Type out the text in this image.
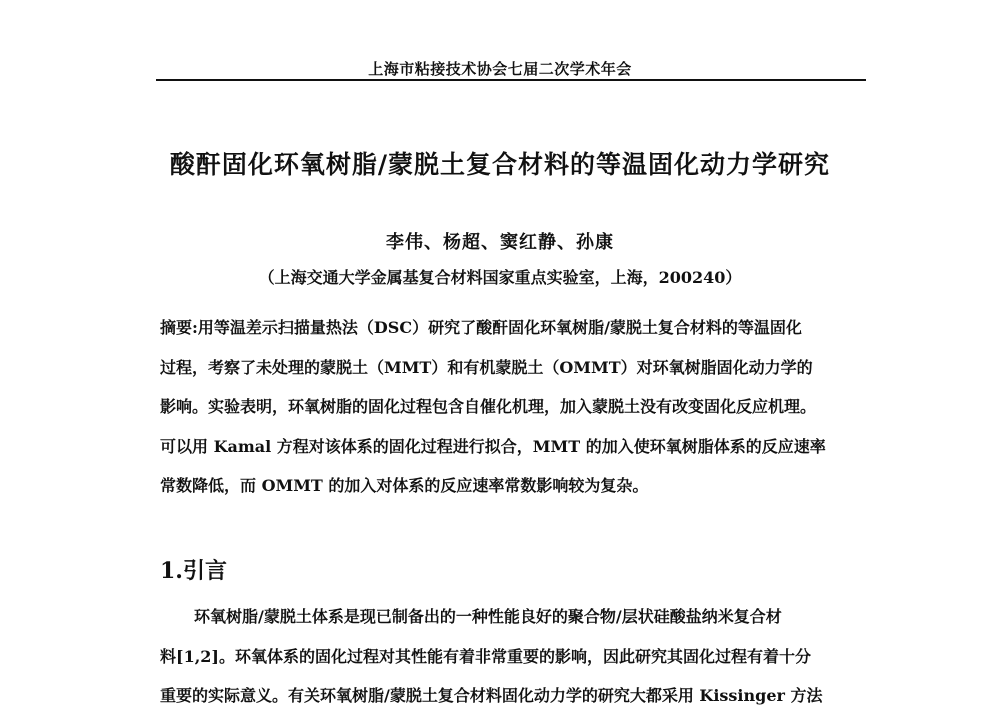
上海市粘接技术协会七届二次学术年会
酸酐固化环氧树脂/蒙脱土复合材料的等温固化动力学研究
李伟、杨超、窦红静、孙康
（上海交通大学金属基复合材料国家重点实验室，上海，200240）
摘要:用等温差示扫描量热法（DSC）研究了酸酐固化环氧树脂/蒙脱土复合材料的等温固化
过程，考察了未处理的蒙脱土（MMT）和有机蒙脱土（OMMT）对环氧树脂固化动力学的
影响。实验表明，环氧树脂的固化过程包含自催化机理，加入蒙脱土没有改变固化反应机理。
可以用 Kamal 方程对该体系的固化过程进行拟合，MMT 的加入使环氧树脂体系的反应速率
常数降低，而 OMMT 的加入对体系的反应速率常数影响较为复杂。
1.引言
环氧树脂/蒙脱土体系是现已制备出的一种性能良好的聚合物/层状硅酸盐纳米复合材
料[1,2]。环氧体系的固化过程对其性能有着非常重要的影响，因此研究其固化过程有着十分
重要的实际意义。有关环氧树脂/蒙脱土复合材料固化动力学的研究大都采用 Kissinger 方法
